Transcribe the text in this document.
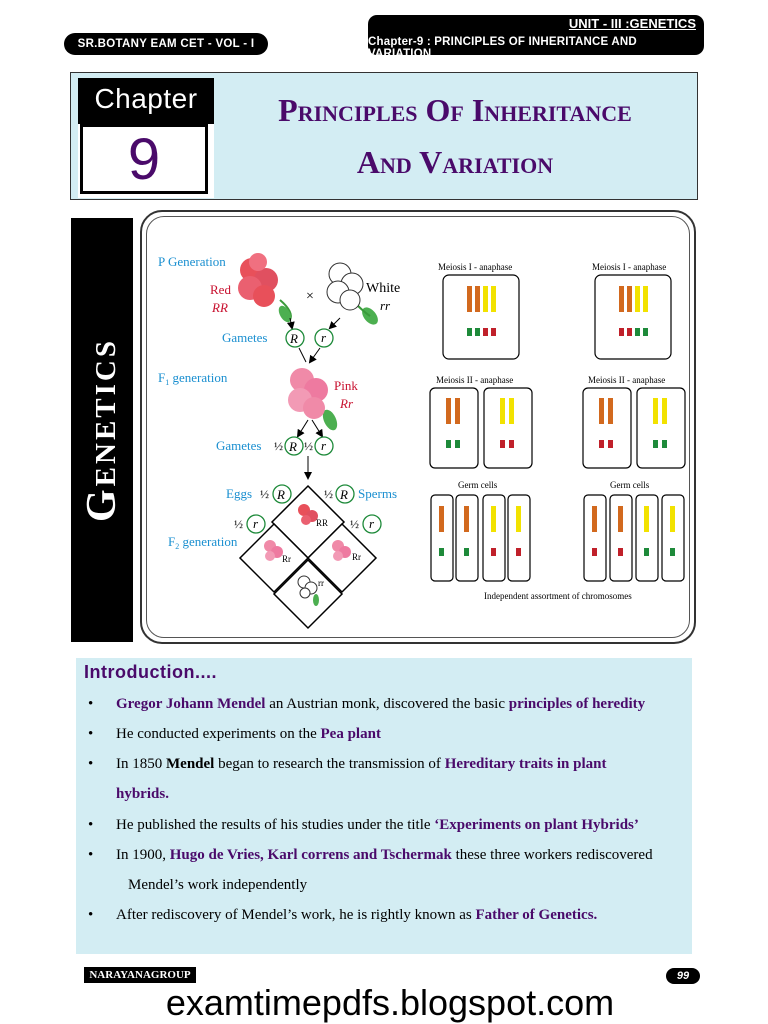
SR.BOTANY EAM CET - VOL - I
UNIT - III :GENETICS
Chapter-9 : PRINCIPLES OF INHERITANCE AND VARIATION
Chapter
9
Principles Of Inheritance
And Variation
Genetics
P Generation
Red
RR
×
White
rr
Gametes R r
$F_1$ generation
Pink
Rr
Gametes ½ R ½ r
Eggs ½ R	½ R Sperms
½ r	½ r
$F_2$ generation
RR
Rr	Rr
rr
Meiosis I - anaphase	Meiosis I - anaphase
Meiosis II - anaphase	Meiosis II - anaphase
Germ cells	Germ cells
Independent assortment of chromosomes
Introduction....
• Gregor Johann Mendel an Austrian monk, discovered the basic principles of heredity
• He conducted experiments on the Pea plant
• In 1850 Mendel began to research the transmission of Hereditary traits in plant
hybrids.
• He published the results of his studies under the title ‘Experiments on plant Hybrids’
• In 1900, Hugo de Vries, Karl correns and Tschermak these three workers rediscovered
Mendel’s work independently
• After rediscovery of Mendel’s work, he is rightly known as Father of Genetics.
NARAYANAGROUP	99
examtimepdfs.blogspot.com
